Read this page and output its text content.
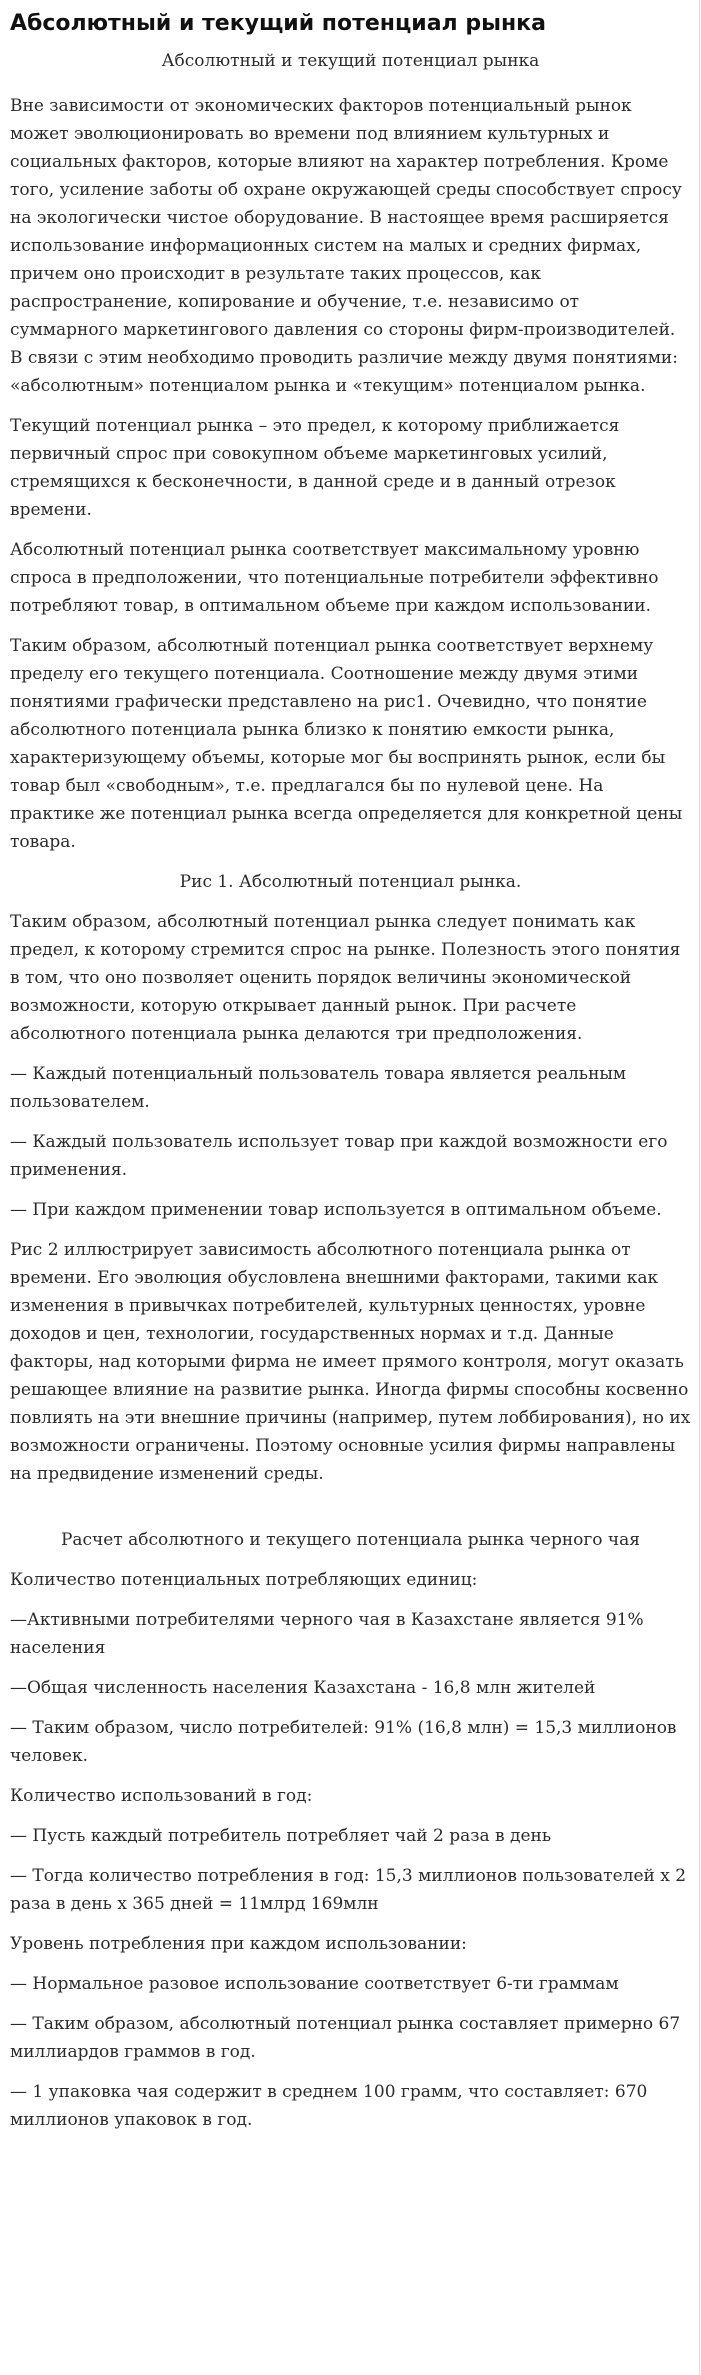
Абсолютный и текущий потенциал рынка
Абсолютный и текущий потенциал рынка

Вне зависимости от экономических факторов потенциальный рынок может эволюционировать во времени под влиянием культурных и социальных факторов, которые влияют на характер потребления. Кроме того, усиление заботы об охране окружающей среды способствует спросу на экологически чистое оборудование. В настоящее время расширяется использование информационных систем на малых и средних фирмах, причем оно происходит в результате таких процессов, как распространение, копирование и обучение, т.е. независимо от суммарного маркетингового давления со стороны фирм-производителей. В связи с этим необходимо проводить различие между двумя понятиями: «абсолютным» потенциалом рынка и «текущим» потенциалом рынка.

Текущий потенциал рынка – это предел, к которому приближается первичный спрос при совокупном объеме маркетинговых усилий, стремящихся к бесконечности, в данной среде и в данный отрезок времени.

Абсолютный потенциал рынка соответствует максимальному уровню спроса в предположении, что потенциальные потребители эффективно потребляют товар, в оптимальном объеме при каждом использовании.

Таким образом, абсолютный потенциал рынка соответствует верхнему пределу его текущего потенциала. Соотношение между двумя этими понятиями графически представлено на рис1. Очевидно, что понятие абсолютного потенциала рынка близко к понятию емкости рынка, характеризующему объемы, которые мог бы воспринять рынок, если бы товар был «свободным», т.е. предлагался бы по нулевой цене. На практике же потенциал рынка всегда определяется для конкретной цены товара.

Рис 1. Абсолютный потенциал рынка.

Таким образом, абсолютный потенциал рынка следует понимать как предел, к которому стремится спрос на рынке. Полезность этого понятия в том, что оно позволяет оценить порядок величины экономической возможности, которую открывает данный рынок. При расчете абсолютного потенциала рынка делаются три предположения.

— Каждый потенциальный пользователь товара является реальным пользователем.

— Каждый пользователь использует товар при каждой возможности его применения.

— При каждом применении товар используется в оптимальном объеме.

Рис 2 иллюстрирует зависимость абсолютного потенциала рынка от времени. Его эволюция обусловлена внешними факторами, такими как изменения в привычках потребителей, культурных ценностях, уровне доходов и цен, технологии, государственных нормах и т.д. Данные факторы, над которыми фирма не имеет прямого контроля, могут оказать решающее влияние на развитие рынка. Иногда фирмы способны косвенно повлиять на эти внешние причины (например, путем лоббирования), но их возможности ограничены. Поэтому основные усилия фирмы направлены на предвидение изменений среды.

Расчет абсолютного и текущего потенциала рынка черного чая

Количество потенциальных потребляющих единиц:

—Активными потребителями черного чая в Казахстане является 91% населения

—Общая численность населения Казахстана - 16,8 млн жителей

— Таким образом, число потребителей: 91% (16,8 млн) = 15,3 миллионов человек.

Количество использований в год:

— Пусть каждый потребитель потребляет чай 2 раза в день

— Тогда количество потребления в год: 15,3 миллионов пользователей х 2 раза в день х 365 дней = 11млрд 169млн

Уровень потребления при каждом использовании:

— Нормальное разовое использование соответствует 6-ти граммам

— Таким образом, абсолютный потенциал рынка составляет примерно 67 миллиардов граммов в год.

— 1 упаковка чая содержит в среднем 100 грамм, что составляет: 670 миллионов упаковок в год.
